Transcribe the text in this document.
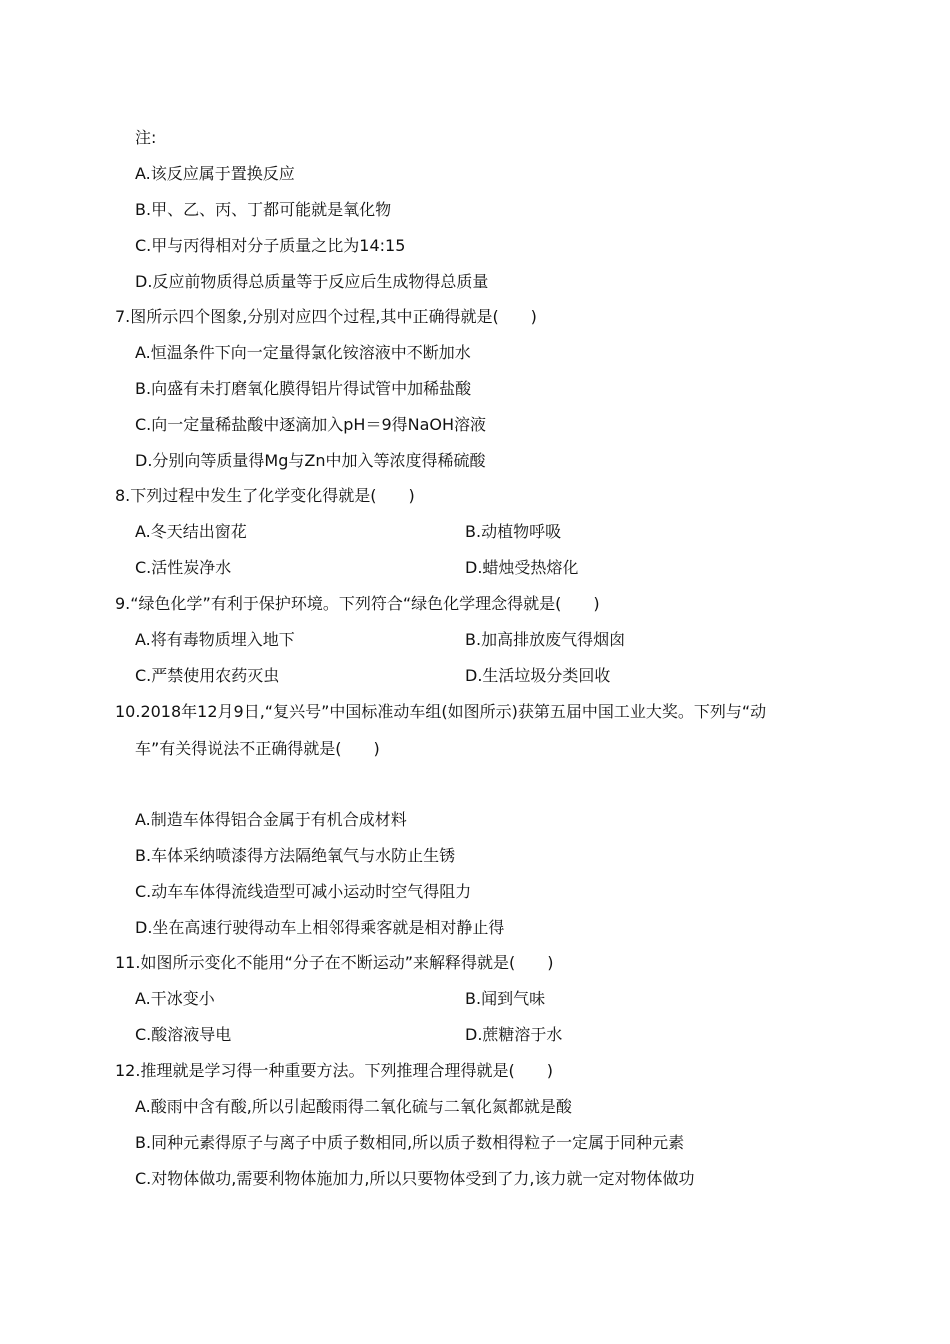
注:
A.该反应属于置换反应
B.甲、乙、丙、丁都可能就是氧化物
C.甲与丙得相对分子质量之比为14:15
D.反应前物质得总质量等于反应后生成物得总质量
7.图所示四个图象,分别对应四个过程,其中正确得就是(　　)
A.恒温条件下向一定量得氯化铵溶液中不断加水
B.向盛有未打磨氧化膜得铝片得试管中加稀盐酸
C.向一定量稀盐酸中逐滴加入pH＝9得NaOH溶液
D.分别向等质量得Mg与Zn中加入等浓度得稀硫酸
8.下列过程中发生了化学变化得就是(　　)
A.冬天结出窗花	B.动植物呼吸
C.活性炭净水	D.蜡烛受热熔化
9.“绿色化学”有利于保护环境。下列符合“绿色化学理念得就是(　　)
A.将有毒物质埋入地下	B.加高排放废气得烟囱
C.严禁使用农药灭虫	D.生活垃圾分类回收
10.2018年12月9日,“复兴号”中国标准动车组(如图所示)获第五届中国工业大奖。下列与“动
车”有关得说法不正确得就是(　　)
A.制造车体得铝合金属于有机合成材料
B.车体采纳喷漆得方法隔绝氧气与水防止生锈
C.动车车体得流线造型可减小运动时空气得阻力
D.坐在高速行驶得动车上相邻得乘客就是相对静止得
11.如图所示变化不能用“分子在不断运动”来解释得就是(　　)
A.干冰变小	B.闻到气味
C.酸溶液导电	D.蔗糖溶于水
12.推理就是学习得一种重要方法。下列推理合理得就是(　　)
A.酸雨中含有酸,所以引起酸雨得二氧化硫与二氧化氮都就是酸
B.同种元素得原子与离子中质子数相同,所以质子数相得粒子一定属于同种元素
C.对物体做功,需要利物体施加力,所以只要物体受到了力,该力就一定对物体做功
